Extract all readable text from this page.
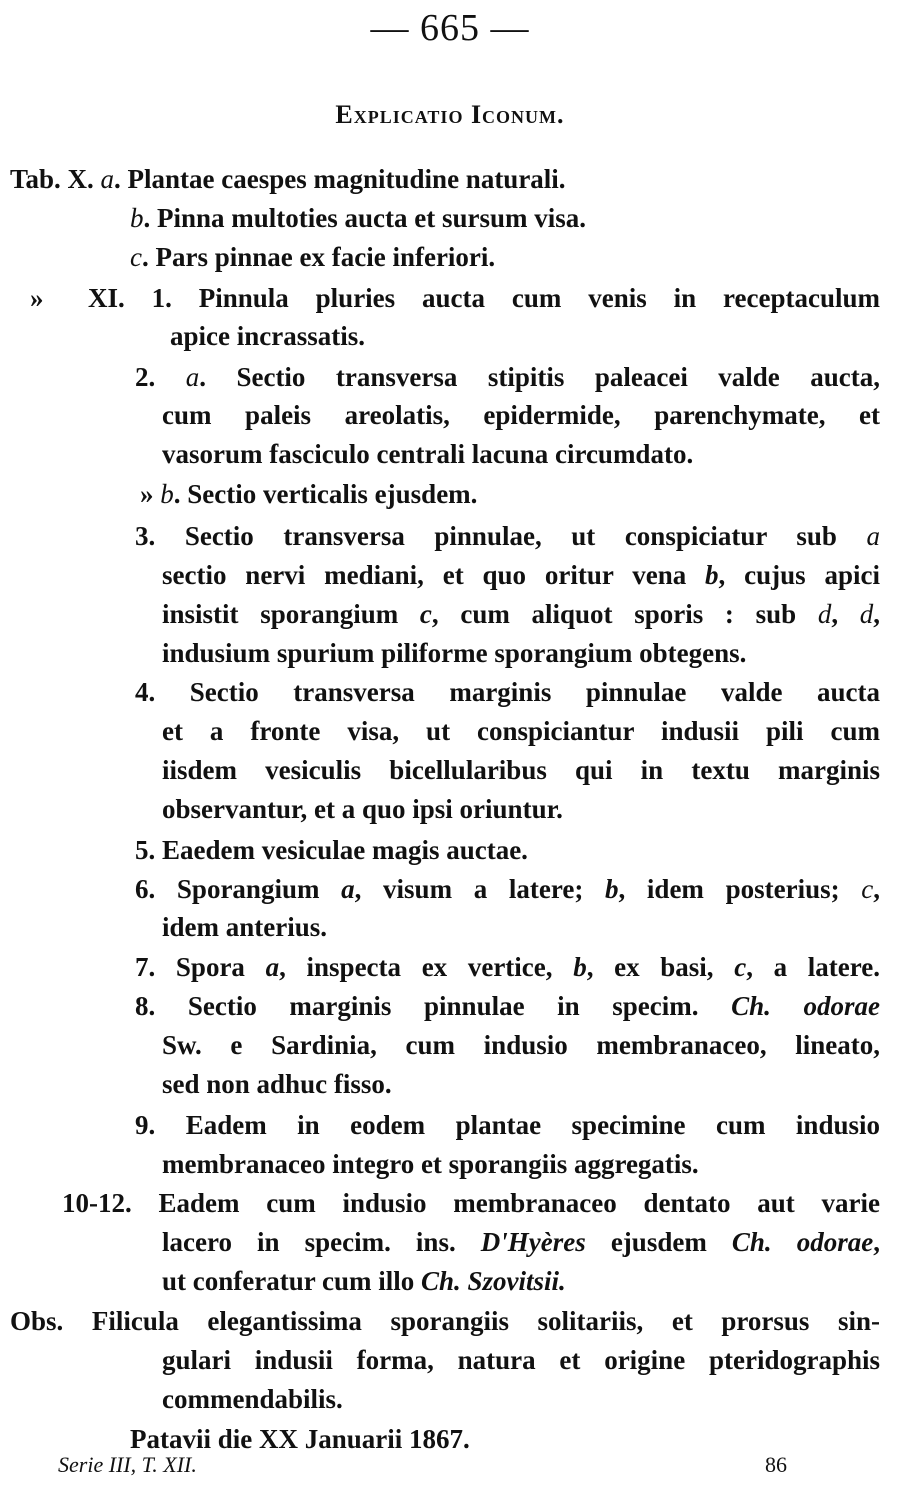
— 665 —
Explicatio Iconum.
Tab. X. a. Plantae caespes magnitudine naturali.
b. Pinna multoties aucta et sursum visa.
c. Pars pinnae ex facie inferiori.
» XI. 1. Pinnula pluries aucta cum venis in receptaculum
apice incrassatis.
2. a. Sectio transversa stipitis paleacei valde aucta,
cum paleis areolatis, epidermide, parenchymate, et
vasorum fasciculo centrali lacuna circumdato.
» b. Sectio verticalis ejusdem.
3. Sectio transversa pinnulae, ut conspiciatur sub a
sectio nervi mediani, et quo oritur vena b, cujus apici
insistit sporangium c, cum aliquot sporis : sub d, d,
indusium spurium piliforme sporangium obtegens.
4. Sectio transversa marginis pinnulae valde aucta
et a fronte visa, ut conspiciantur indusii pili cum
iisdem vesiculis bicellularibus qui in textu marginis
observantur, et a quo ipsi oriuntur.
5. Eaedem vesiculae magis auctae.
6. Sporangium a, visum a latere; b, idem posterius; c,
idem anterius.
7. Spora a, inspecta ex vertice, b, ex basi, c, a latere.
8. Sectio marginis pinnulae in specim. Ch. odorae
Sw. e Sardinia, cum indusio membranaceo, lineato,
sed non adhuc fisso.
9. Eadem in eodem plantae specimine cum indusio
membranaceo integro et sporangiis aggregatis.
10-12. Eadem cum indusio membranaceo dentato aut varie
lacero in specim. ins. D'Hyères ejusdem Ch. odorae,
ut conferatur cum illo Ch. Szovitsii.
Obs. Filicula elegantissima sporangiis solitariis, et prorsus sin-
gulari indusii forma, natura et origine pteridographis
commendabilis.
Patavii die XX Januarii 1867.
Serie III, T. XII.	86
